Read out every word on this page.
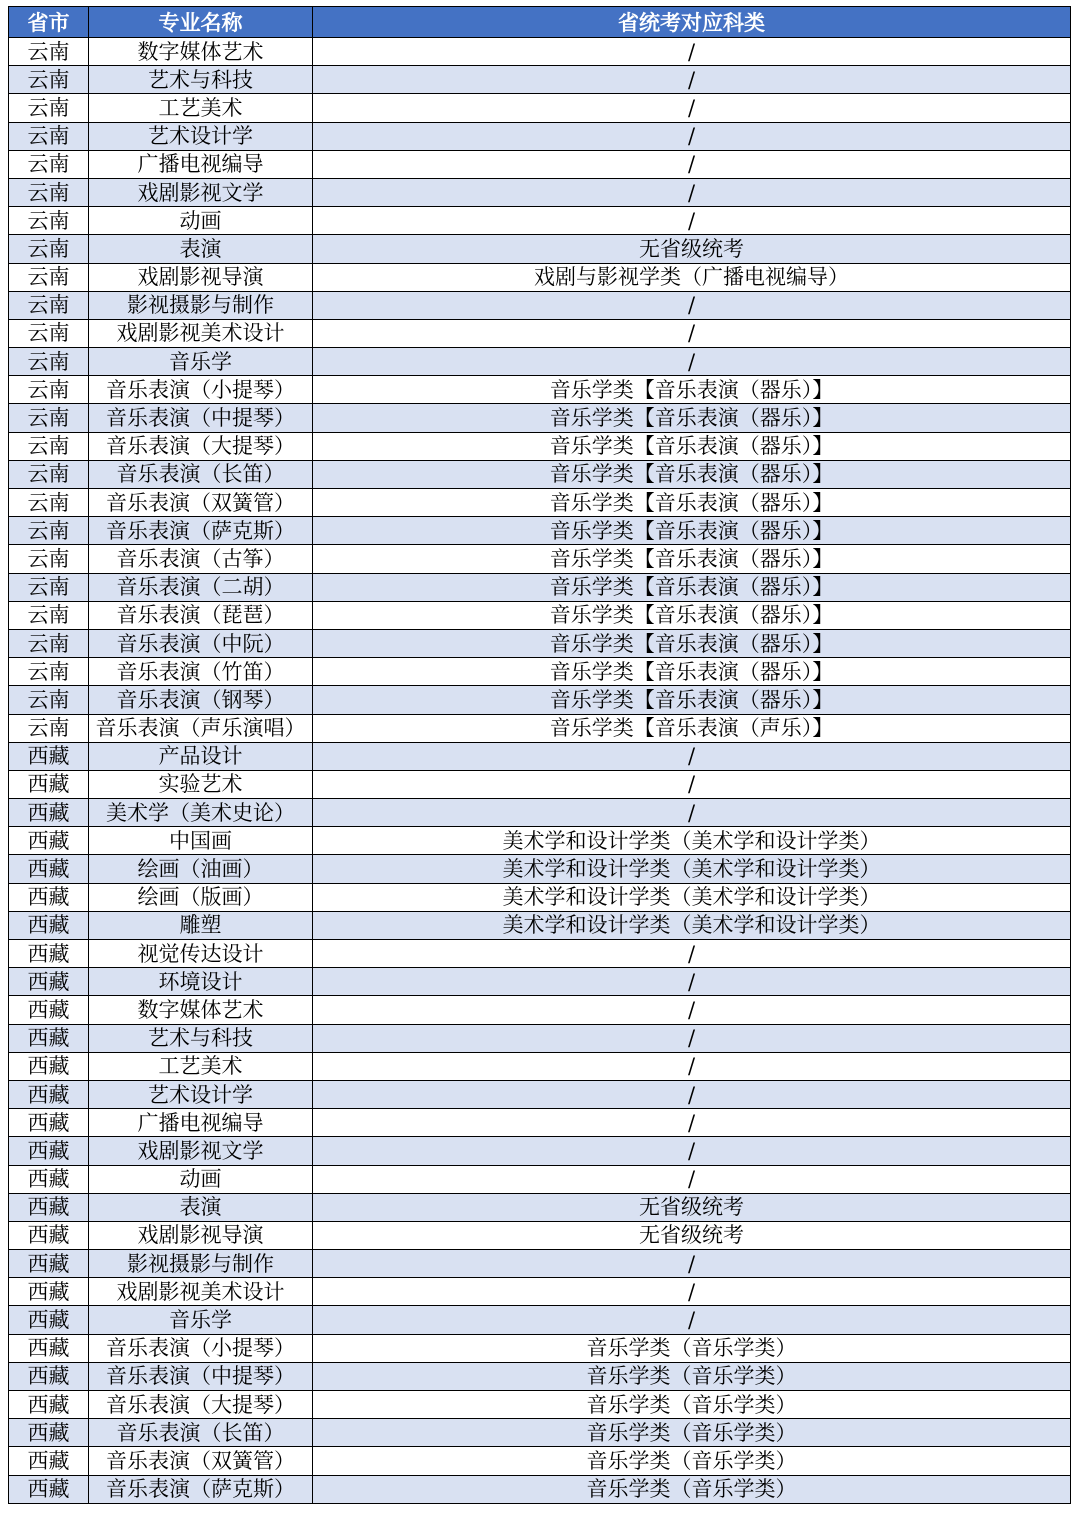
省市	专业名称	省统考对应科类
云南	数字媒体艺术	/
云南	艺术与科技	/
云南	工艺美术	/
云南	艺术设计学	/
云南	广播电视编导	/
云南	戏剧影视文学	/
云南	动画	/
云南	表演	无省级统考
云南	戏剧影视导演	戏剧与影视学类（广播电视编导）
云南	影视摄影与制作	/
云南	戏剧影视美术设计	/
云南	音乐学	/
云南	音乐表演（小提琴）	音乐学类【音乐表演（器乐）】
云南	音乐表演（中提琴）	音乐学类【音乐表演（器乐）】
云南	音乐表演（大提琴）	音乐学类【音乐表演（器乐）】
云南	音乐表演（长笛）	音乐学类【音乐表演（器乐）】
云南	音乐表演（双簧管）	音乐学类【音乐表演（器乐）】
云南	音乐表演（萨克斯）	音乐学类【音乐表演（器乐）】
云南	音乐表演（古筝）	音乐学类【音乐表演（器乐）】
云南	音乐表演（二胡）	音乐学类【音乐表演（器乐）】
云南	音乐表演（琵琶）	音乐学类【音乐表演（器乐）】
云南	音乐表演（中阮）	音乐学类【音乐表演（器乐）】
云南	音乐表演（竹笛）	音乐学类【音乐表演（器乐）】
云南	音乐表演（钢琴）	音乐学类【音乐表演（器乐）】
云南	音乐表演（声乐演唱）	音乐学类【音乐表演（声乐）】
西藏	产品设计	/
西藏	实验艺术	/
西藏	美术学（美术史论）	/
西藏	中国画	美术学和设计学类（美术学和设计学类）
西藏	绘画（油画）	美术学和设计学类（美术学和设计学类）
西藏	绘画（版画）	美术学和设计学类（美术学和设计学类）
西藏	雕塑	美术学和设计学类（美术学和设计学类）
西藏	视觉传达设计	/
西藏	环境设计	/
西藏	数字媒体艺术	/
西藏	艺术与科技	/
西藏	工艺美术	/
西藏	艺术设计学	/
西藏	广播电视编导	/
西藏	戏剧影视文学	/
西藏	动画	/
西藏	表演	无省级统考
西藏	戏剧影视导演	无省级统考
西藏	影视摄影与制作	/
西藏	戏剧影视美术设计	/
西藏	音乐学	/
西藏	音乐表演（小提琴）	音乐学类（音乐学类）
西藏	音乐表演（中提琴）	音乐学类（音乐学类）
西藏	音乐表演（大提琴）	音乐学类（音乐学类）
西藏	音乐表演（长笛）	音乐学类（音乐学类）
西藏	音乐表演（双簧管）	音乐学类（音乐学类）
西藏	音乐表演（萨克斯）	音乐学类（音乐学类）
